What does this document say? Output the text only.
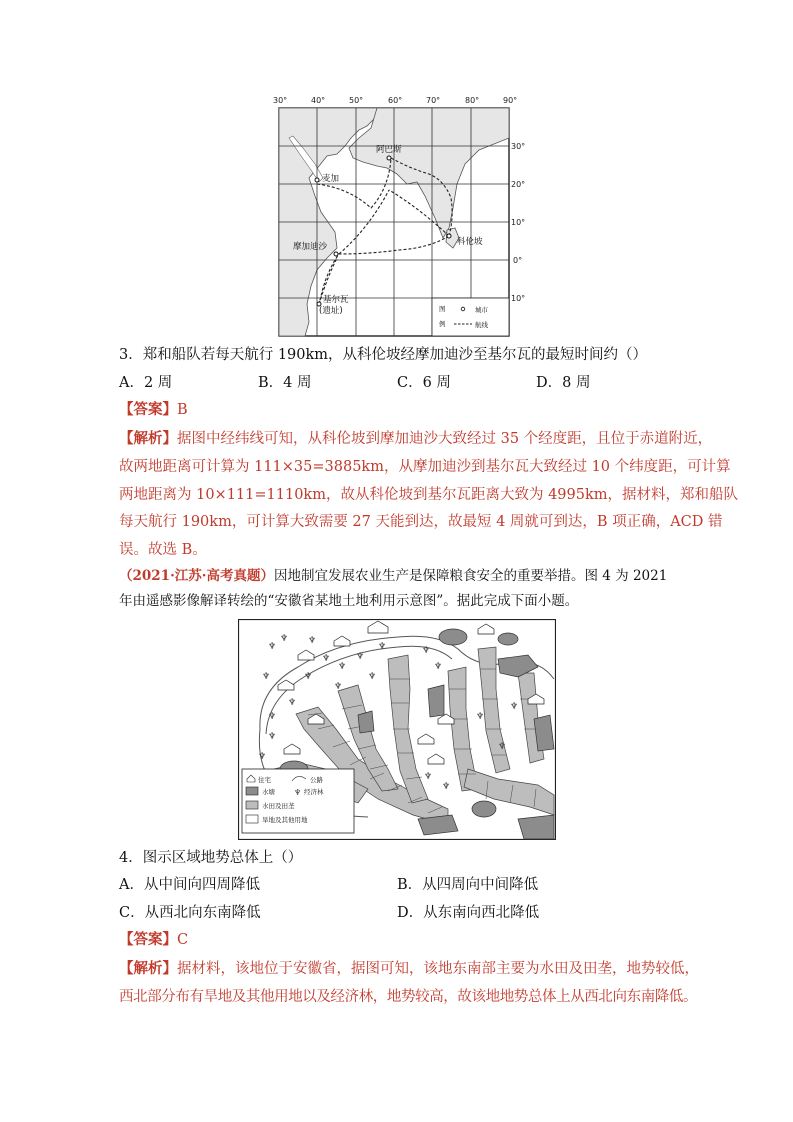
30°	40°	50°	60°	70°	80°	90°
30°
20°
10°
0°
10°
麦加
阿巴斯
摩加迪沙	科伦坡
基尔瓦
(遗址)	图
例
城市
航线
3．郑和船队若每天航行 190km，从科伦坡经摩加迪沙至基尔瓦的最短时间约（）
A．2 周	B．4 周	C．6 周	D．8 周
【答案】B
【解析】据图中经纬线可知，从科伦坡到摩加迪沙大致经过 35 个经度距，且位于赤道附近，
故两地距离可计算为 111×35=3885km，从摩加迪沙到基尔瓦大致经过 10 个纬度距，可计算
两地距离为 10×111=1110km，故从科伦坡到基尔瓦距离大致为 4995km，据材料，郑和船队
每天航行 190km，可计算大致需要 27 天能到达，故最短 4 周就可到达，B 项正确，ACD 错
误。故选 B。
（2021·江苏·高考真题）因地制宜发展农业生产是保障粮食安全的重要举措。图 4 为 2021
年由遥感影像解译转绘的“安徽省某地土地利用示意图”。据此完成下面小题。
♆
♆ ♆
♆
♆
♆
♆
♆
♆
♆
♆
♆
♆
♆
♆
♆
♆
♆
♆
♆
♆
♆
住宅	公路
水塘 ♆ 经济林
水田及田垄
旱地及其他用地
4．图示区域地势总体上（）
A．从中间向四周降低	B．从四周向中间降低
C．从西北向东南降低	D．从东南向西北降低
【答案】C
【解析】据材料，该地位于安徽省，据图可知，该地东南部主要为水田及田垄，地势较低，
西北部分布有旱地及其他用地以及经济林，地势较高，故该地地势总体上从西北向东南降低。
